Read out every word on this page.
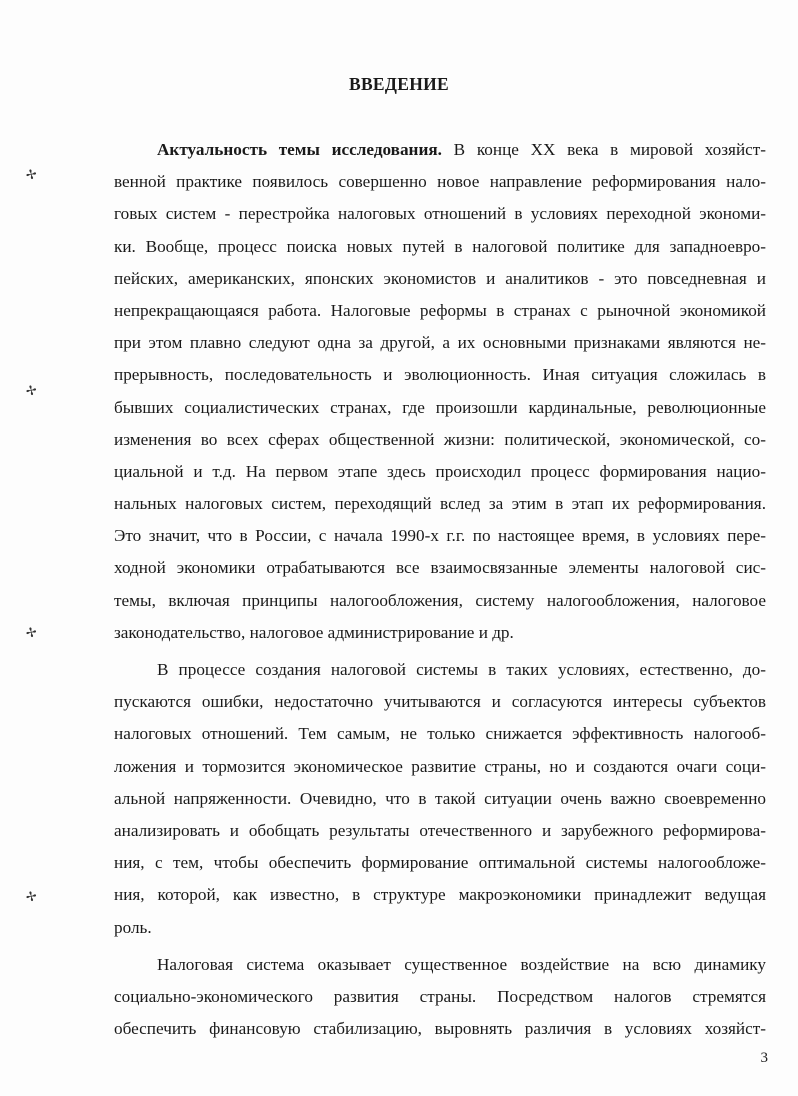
✢
✢
✢
✢
ВВЕДЕНИЕ
Актуальность темы исследования. В конце XX века в мировой хозяйст-
венной практике появилось совершенно новое направление реформирования нало-
говых систем - перестройка налоговых отношений в условиях переходной экономи-
ки. Вообще, процесс поиска новых путей в налоговой политике для западноевро-
пейских, американских, японских экономистов и аналитиков - это повседневная и
непрекращающаяся работа. Налоговые реформы в странах с рыночной экономикой
при этом плавно следуют одна за другой, а их основными признаками являются не-
прерывность, последовательность и эволюционность. Иная ситуация сложилась в
бывших социалистических странах, где произошли кардинальные, революционные
изменения во всех сферах общественной жизни: политической, экономической, со-
циальной и т.д. На первом этапе здесь происходил процесс формирования нацио-
нальных налоговых систем, переходящий вслед за этим в этап их реформирования.
Это значит, что в России, с начала 1990-х г.г. по настоящее время, в условиях пере-
ходной экономики отрабатываются все взаимосвязанные элементы налоговой сис-
темы, включая принципы налогообложения, систему налогообложения, налоговое
законодательство, налоговое администрирование и др.
В процессе создания налоговой системы в таких условиях, естественно, до-
пускаются ошибки, недостаточно учитываются и согласуются интересы субъектов
налоговых отношений. Тем самым, не только снижается эффективность налогооб-
ложения и тормозится экономическое развитие страны, но и создаются очаги соци-
альной напряженности. Очевидно, что в такой ситуации очень важно своевременно
анализировать и обобщать результаты отечественного и зарубежного реформирова-
ния, с тем, чтобы обеспечить формирование оптимальной системы налогообложе-
ния, которой, как известно, в структуре макроэкономики принадлежит ведущая
роль.
Налоговая система оказывает существенное воздействие на всю динамику
социально-экономического развития страны. Посредством налогов стремятся
обеспечить финансовую стабилизацию, выровнять различия в условиях хозяйст-
3
